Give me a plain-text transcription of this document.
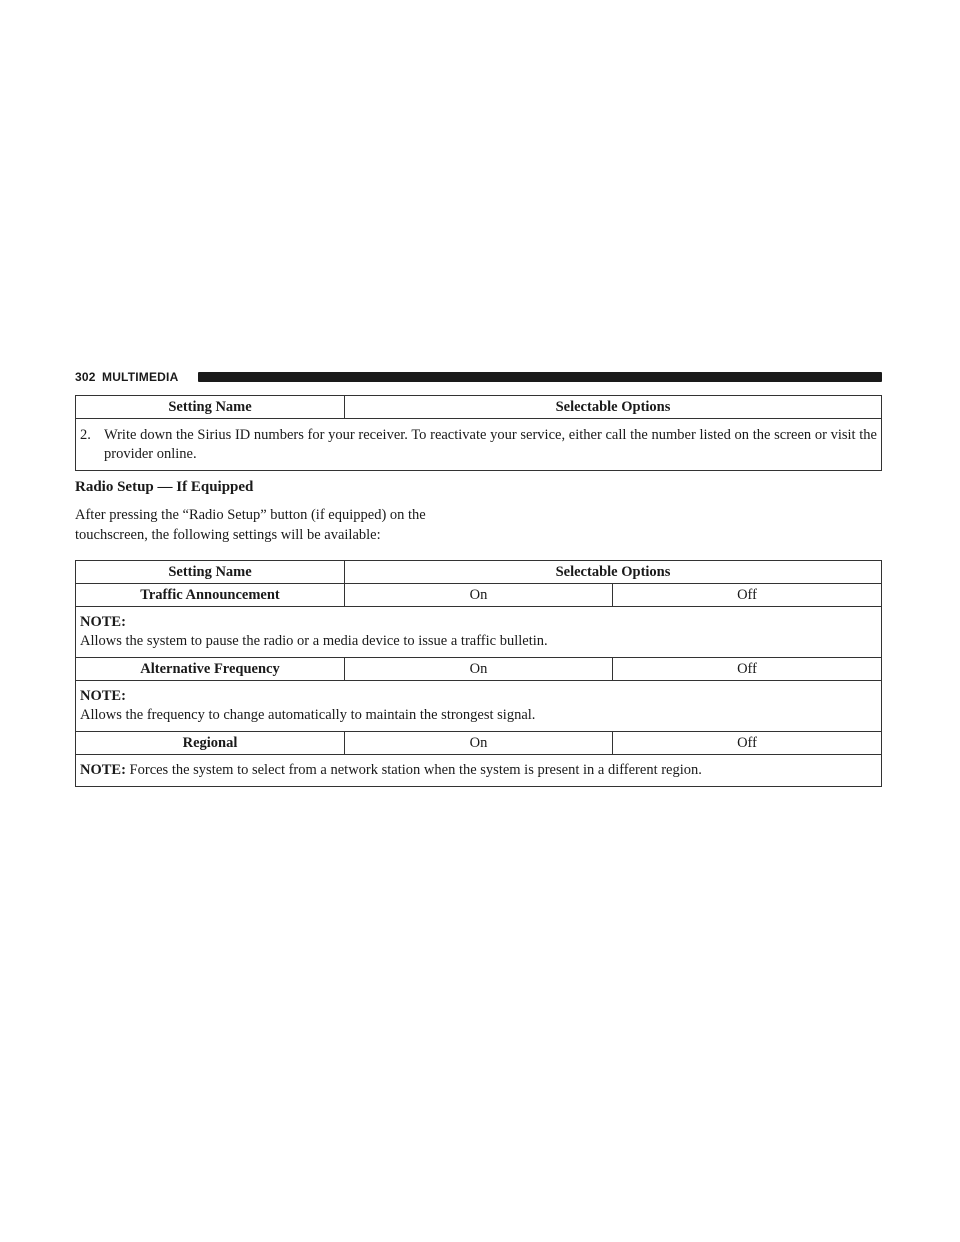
302 MULTIMEDIA
Setting Name	Selectable Options

2. Write down the Sirius ID numbers for your receiver. To reactivate your service, either call the number listed on the screen or visit the provider online.
Radio Setup — If Equipped
After pressing the “Radio Setup” button (if equipped) on the touchscreen, the following settings will be available:
Setting Name	Selectable Options	
Traffic Announcement	On	Off

NOTE:
Allows the system to pause the radio or a media device to issue a traffic bulletin.		

Alternative Frequency	On	Off

NOTE:
Allows the frequency to change automatically to maintain the strongest signal.		

Regional	On	Off
NOTE: Forces the system to select from a network station when the system is present in a different region.		
